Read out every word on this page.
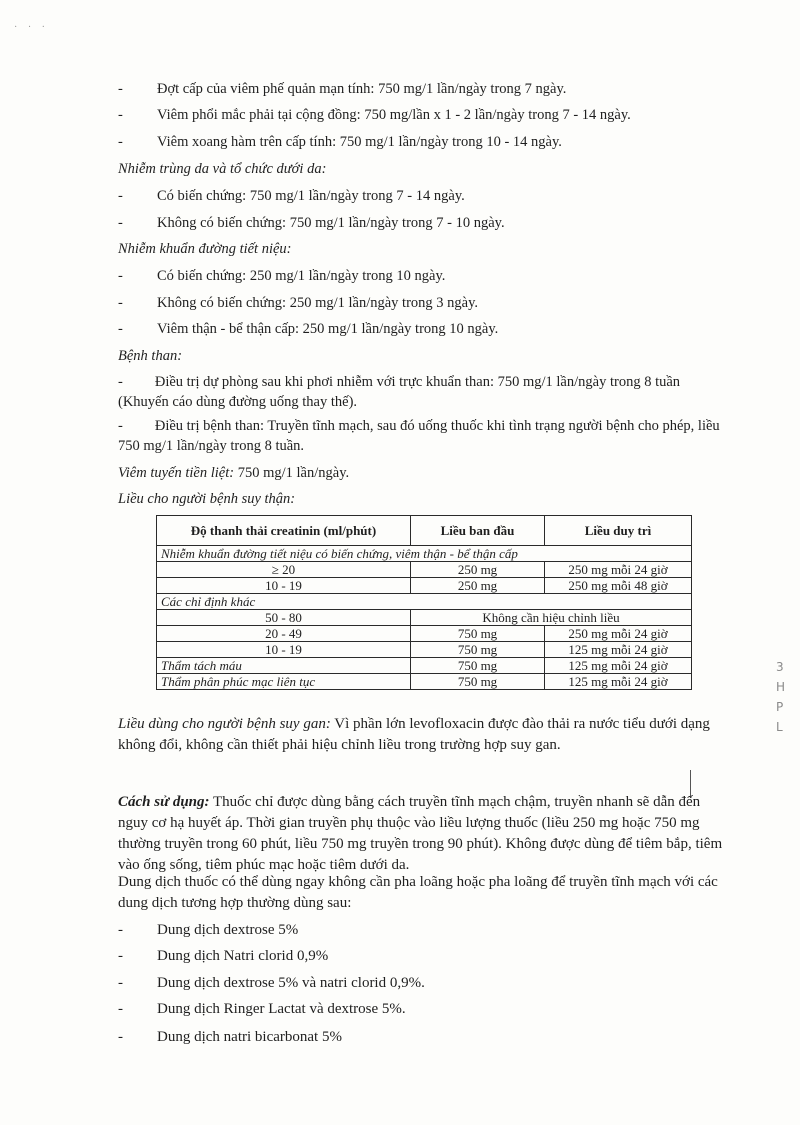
· · ·
- Đợt cấp của viêm phế quản mạn tính: 750 mg/1 lần/ngày trong 7 ngày.
- Viêm phổi mắc phải tại cộng đồng: 750 mg/lần x 1 - 2 lần/ngày trong 7 - 14 ngày.
- Viêm xoang hàm trên cấp tính: 750 mg/1 lần/ngày trong 10 - 14 ngày.
Nhiễm trùng da và tổ chức dưới da:
- Có biến chứng: 750 mg/1 lần/ngày trong 7 - 14 ngày.
- Không có biến chứng: 750 mg/1 lần/ngày trong 7 - 10 ngày.
Nhiễm khuẩn đường tiết niệu:
- Có biến chứng: 250 mg/1 lần/ngày trong 10 ngày.
- Không có biến chứng: 250 mg/1 lần/ngày trong 3 ngày.
- Viêm thận - bể thận cấp: 250 mg/1 lần/ngày trong 10 ngày.
Bệnh than:
- Điều trị dự phòng sau khi phơi nhiễm với trực khuẩn than: 750 mg/1 lần/ngày trong 8 tuần (Khuyến cáo dùng đường uống thay thế).
- Điều trị bệnh than: Truyền tĩnh mạch, sau đó uống thuốc khi tình trạng người bệnh cho phép, liều 750 mg/1 lần/ngày trong 8 tuần.
Viêm tuyến tiền liệt: 750 mg/1 lần/ngày.
Liều cho người bệnh suy thận:
Độ thanh thải creatinin (ml/phút)	Liều ban đầu	Liều duy trì
Nhiễm khuẩn đường tiết niệu có biến chứng, viêm thận - bể thận cấp		
≥ 20	250 mg	250 mg mỗi 24 giờ
10 - 19	250 mg	250 mg mỗi 48 giờ
Các chỉ định khác		
50 - 80	Không cần hiệu chỉnh liều	
20 - 49	750 mg	250 mg mỗi 24 giờ
10 - 19	750 mg	125 mg mỗi 24 giờ
Thẩm tách máu	750 mg	125 mg mỗi 24 giờ
Thẩm phân phúc mạc liên tục	750 mg	125 mg mỗi 24 giờ
Liều dùng cho người bệnh suy gan: Vì phần lớn levofloxacin được đào thải ra nước tiểu dưới dạng không đổi, không cần thiết phải hiệu chỉnh liều trong trường hợp suy gan.
Cách sử dụng: Thuốc chỉ được dùng bằng cách truyền tĩnh mạch chậm, truyền nhanh sẽ dẫn đến nguy cơ hạ huyết áp. Thời gian truyền phụ thuộc vào liều lượng thuốc (liều 250 mg hoặc 750 mg thường truyền trong 60 phút, liều 750 mg truyền trong 90 phút). Không được dùng để tiêm bắp, tiêm vào ống sống, tiêm phúc mạc hoặc tiêm dưới da.
Dung dịch thuốc có thể dùng ngay không cần pha loãng hoặc pha loãng để truyền tĩnh mạch với các dung dịch tương hợp thường dùng sau:
- Dung dịch dextrose 5%
- Dung dịch Natri clorid 0,9%
- Dung dịch dextrose 5% và natri clorid 0,9%.
- Dung dịch Ringer Lactat và dextrose 5%.
- Dung dịch natri bicarbonat 5%
3
H
P
L
